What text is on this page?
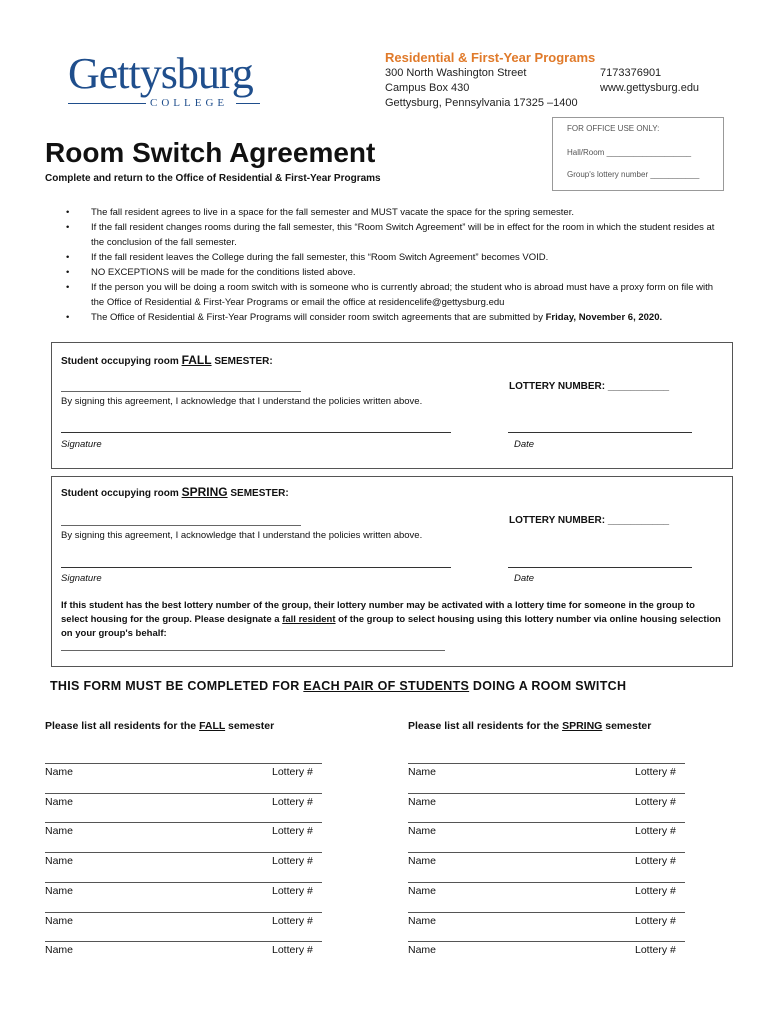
Gettysburg
COLLEGE
Residential & First-Year Programs
300 North Washington Street
Campus Box 430
Gettysburg, Pennsylvania 17325 –1400
7173376901
www.gettysburg.edu
FOR OFFICE USE ONLY:
Hall/Room ___________________
Group's lottery number ___________
Room Switch Agreement
Complete and return to the Office of Residential & First-Year Programs
• The fall resident agrees to live in a space for the fall semester and MUST vacate the space for the spring semester.
• If the fall resident changes rooms during the fall semester, this “Room Switch Agreement” will be in effect for the room in which the student resides at the conclusion of the fall semester.
• If the fall resident leaves the College during the fall semester, this “Room Switch Agreement” becomes VOID.
• NO EXCEPTIONS will be made for the conditions listed above.
• If the person you will be doing a room switch with is someone who is currently abroad; the student who is abroad must have a proxy form on file with the Office of Residential & First-Year Programs or email the office at residencelife@gettysburg.edu
• The Office of Residential & First-Year Programs will consider room switch agreements that are submitted by Friday, November 6, 2020.
Student occupying room FALL SEMESTER:
LOTTERY NUMBER: ___________
By signing this agreement, I acknowledge that I understand the policies written above.
Signature	Date
Student occupying room SPRING SEMESTER:
LOTTERY NUMBER: ___________
By signing this agreement, I acknowledge that I understand the policies written above.
Signature	Date
If this student has the best lottery number of the group, their lottery number may be activated with a lottery time for someone in the group to select housing for the group. Please designate a fall resident of the group to select housing using this lottery number via online housing selection on your group's behalf:
THIS FORM MUST BE COMPLETED FOR EACH PAIR OF STUDENTS DOING A ROOM SWITCH
Please list all residents for the FALL semester	Please list all residents for the SPRING semester
Name	Lottery #	Name	Lottery #
Name	Lottery #	Name	Lottery #
Name	Lottery #	Name	Lottery #
Name	Lottery #	Name	Lottery #
Name	Lottery #	Name	Lottery #
Name	Lottery #	Name	Lottery #
Name	Lottery #	Name	Lottery #
